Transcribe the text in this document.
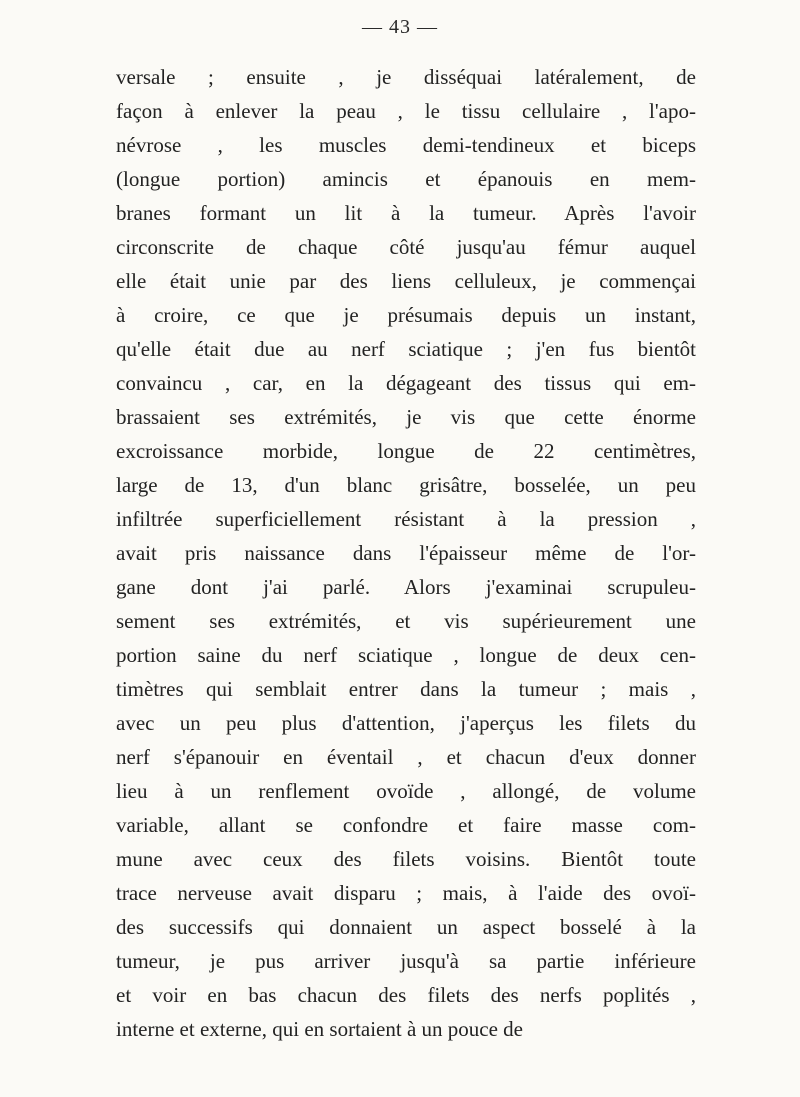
— 43 —
versale ; ensuite , je disséquai latéralement, de
façon à enlever la peau , le tissu cellulaire , l'apo-
névrose , les muscles demi-tendineux et biceps
(longue portion) amincis et épanouis en mem-
branes formant un lit à la tumeur. Après l'avoir
circonscrite de chaque côté jusqu'au fémur auquel
elle était unie par des liens celluleux, je commençai
à croire, ce que je présumais depuis un instant,
qu'elle était due au nerf sciatique ; j'en fus bientôt
convaincu , car, en la dégageant des tissus qui em-
brassaient ses extrémités, je vis que cette énorme
excroissance morbide, longue de 22 centimètres,
large de 13, d'un blanc grisâtre, bosselée, un peu
infiltrée superficiellement résistant à la pression ,
avait pris naissance dans l'épaisseur même de l'or-
gane dont j'ai parlé. Alors j'examinai scrupuleu-
sement ses extrémités, et vis supérieurement une
portion saine du nerf sciatique , longue de deux cen-
timètres qui semblait entrer dans la tumeur ; mais ,
avec un peu plus d'attention, j'aperçus les filets du
nerf s'épanouir en éventail , et chacun d'eux donner
lieu à un renflement ovoïde , allongé, de volume
variable, allant se confondre et faire masse com-
mune avec ceux des filets voisins. Bientôt toute
trace nerveuse avait disparu ; mais, à l'aide des ovoï-
des successifs qui donnaient un aspect bosselé à la
tumeur, je pus arriver jusqu'à sa partie inférieure
et voir en bas chacun des filets des nerfs poplités ,
interne et externe, qui en sortaient à un pouce de
